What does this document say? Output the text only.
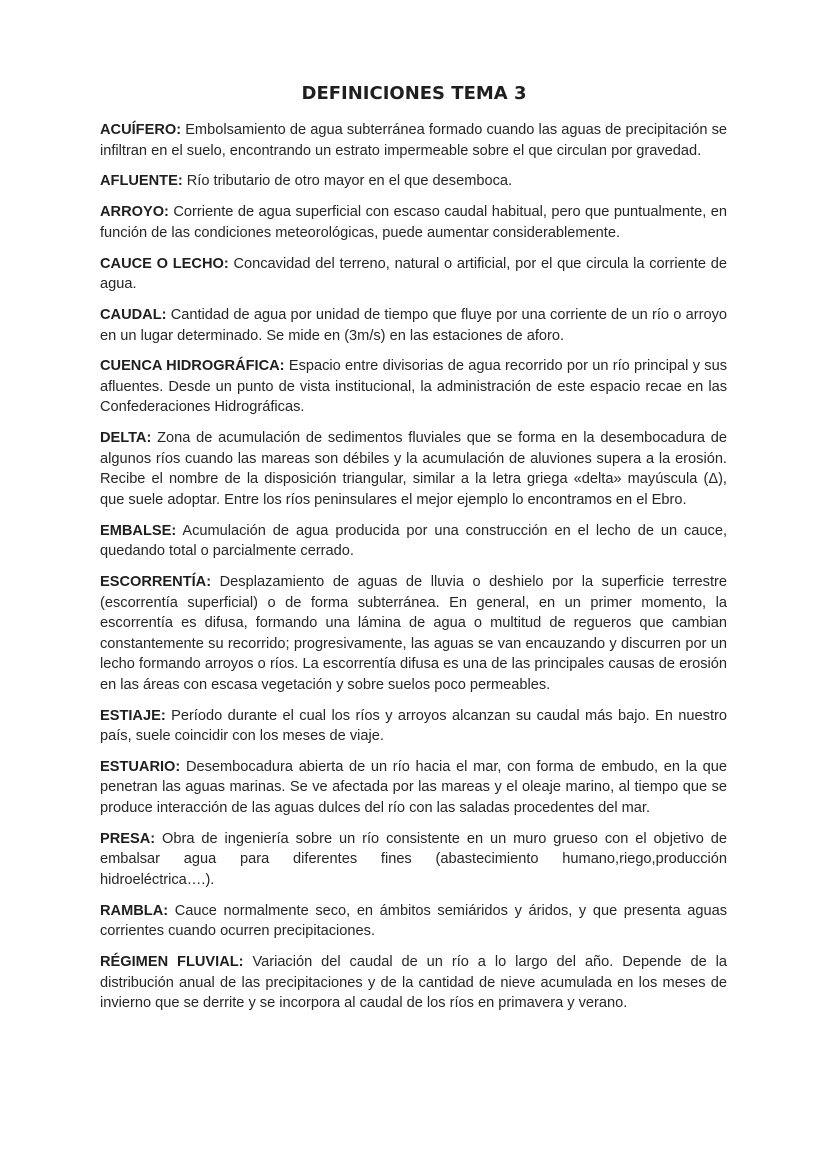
DEFINICIONES TEMA 3

ACUÍFERO: Embolsamiento de agua subterránea formado cuando las aguas de precipitación se infiltran en el suelo, encontrando un estrato impermeable sobre el que circulan por gravedad.

AFLUENTE: Río tributario de otro mayor en el que desemboca.

ARROYO: Corriente de agua superficial con escaso caudal habitual, pero que puntualmente, en función de las condiciones meteorológicas, puede aumentar considerablemente.

CAUCE O LECHO: Concavidad del terreno, natural o artificial, por el que circula la corriente de agua.

CAUDAL: Cantidad de agua por unidad de tiempo que fluye por una corriente de un río o arroyo en un lugar determinado. Se mide en (3m/s) en las estaciones de aforo.

CUENCA HIDROGRÁFICA: Espacio entre divisorias de agua recorrido por un río principal y sus afluentes. Desde un punto de vista institucional, la administración de este espacio recae en las Confederaciones Hidrográficas.

DELTA: Zona de acumulación de sedimentos fluviales que se forma en la desembocadura de algunos ríos cuando las mareas son débiles y la acumulación de aluviones supera a la erosión. Recibe el nombre de la disposición triangular, similar a la letra griega «delta» mayúscula (Δ), que suele adoptar. Entre los ríos peninsulares el mejor ejemplo lo encontramos en el Ebro.

EMBALSE: Acumulación de agua producida por una construcción en el lecho de un cauce, quedando total o parcialmente cerrado.

ESCORRENTÍA: Desplazamiento de aguas de lluvia o deshielo por la superficie terrestre (escorrentía superficial) o de forma subterránea. En general, en un primer momento, la escorrentía es difusa, formando una lámina de agua o multitud de regueros que cambian constantemente su recorrido; progresivamente, las aguas se van encauzando y discurren por un lecho formando arroyos o ríos. La escorrentía difusa es una de las principales causas de erosión en las áreas con escasa vegetación y sobre suelos poco permeables.

ESTIAJE: Período durante el cual los ríos y arroyos alcanzan su caudal más bajo. En nuestro país, suele coincidir con los meses de viaje.

ESTUARIO: Desembocadura abierta de un río hacia el mar, con forma de embudo, en la que penetran las aguas marinas. Se ve afectada por las mareas y el oleaje marino, al tiempo que se produce interacción de las aguas dulces del río con las saladas procedentes del mar.

PRESA: Obra de ingeniería sobre un río consistente en un muro grueso con el objetivo de embalsar agua para diferentes fines (abastecimiento humano,riego,producción hidroeléctrica….).

RAMBLA: Cauce normalmente seco, en ámbitos semiáridos y áridos, y que presenta aguas corrientes cuando ocurren precipitaciones.

RÉGIMEN FLUVIAL: Variación del caudal de un río a lo largo del año. Depende de la distribución anual de las precipitaciones y de la cantidad de nieve acumulada en los meses de invierno que se derrite y se incorpora al caudal de los ríos en primavera y verano.
